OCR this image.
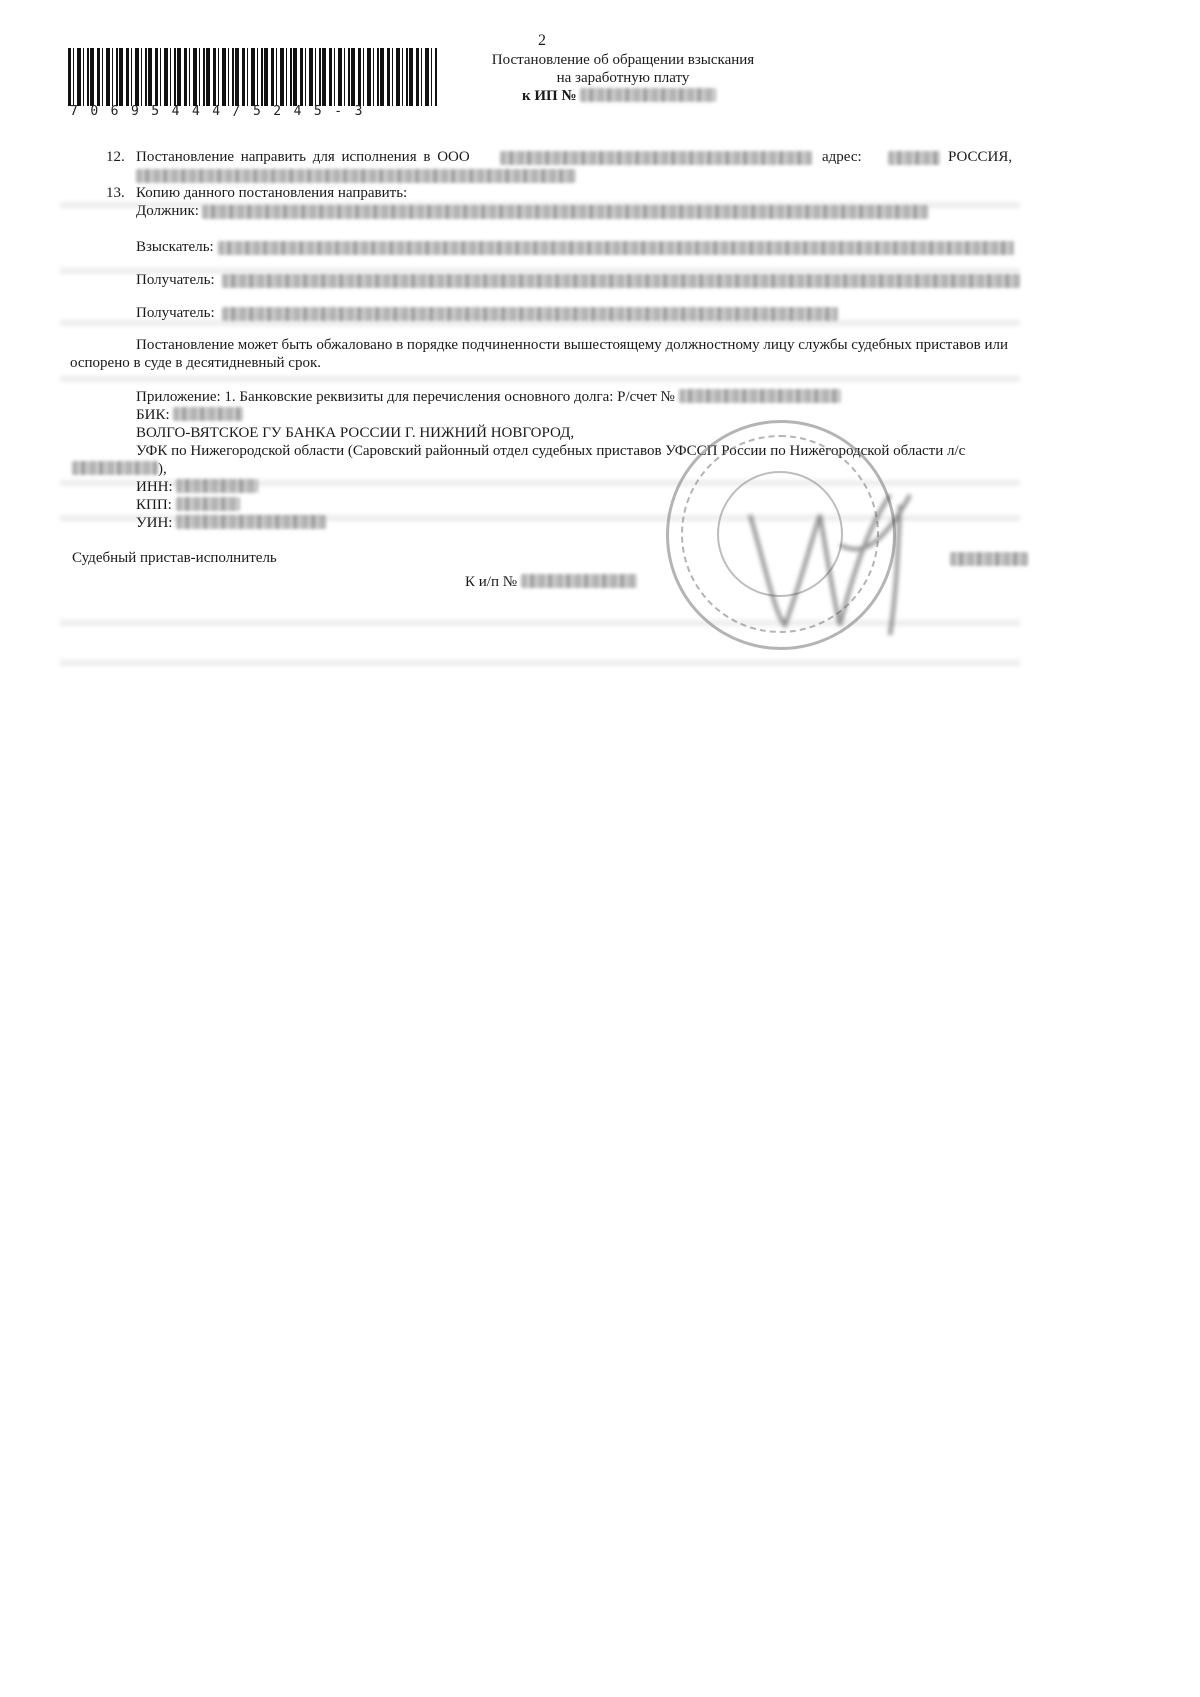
2
70695444/5245-3
Постановление об обращении взыскания
на заработную плату
к ИП №
12. Постановление направить для исполнения в ООО	адрес:	РОССИЯ,
13. Копию данного постановления направить:
Должник:
Взыскатель:
Получатель:
Получатель:
Постановление может быть обжаловано в порядке подчиненности вышестоящему должностному лицу службы судебных приставов или
оспорено в суде в десятидневный срок.
Приложение: 1. Банковские реквизиты для перечисления основного долга: Р/счет №
БИК:
ВОЛГО-ВЯТСКОЕ ГУ БАНКА РОССИИ Г. НИЖНИЙ НОВГОРОД,
УФК по Нижегородской области (Саровский районный отдел судебных приставов УФССП России по Нижегородской области л/с
),
ИНН:
КПП:
УИН:
Судебный пристав-исполнитель
К и/п №
